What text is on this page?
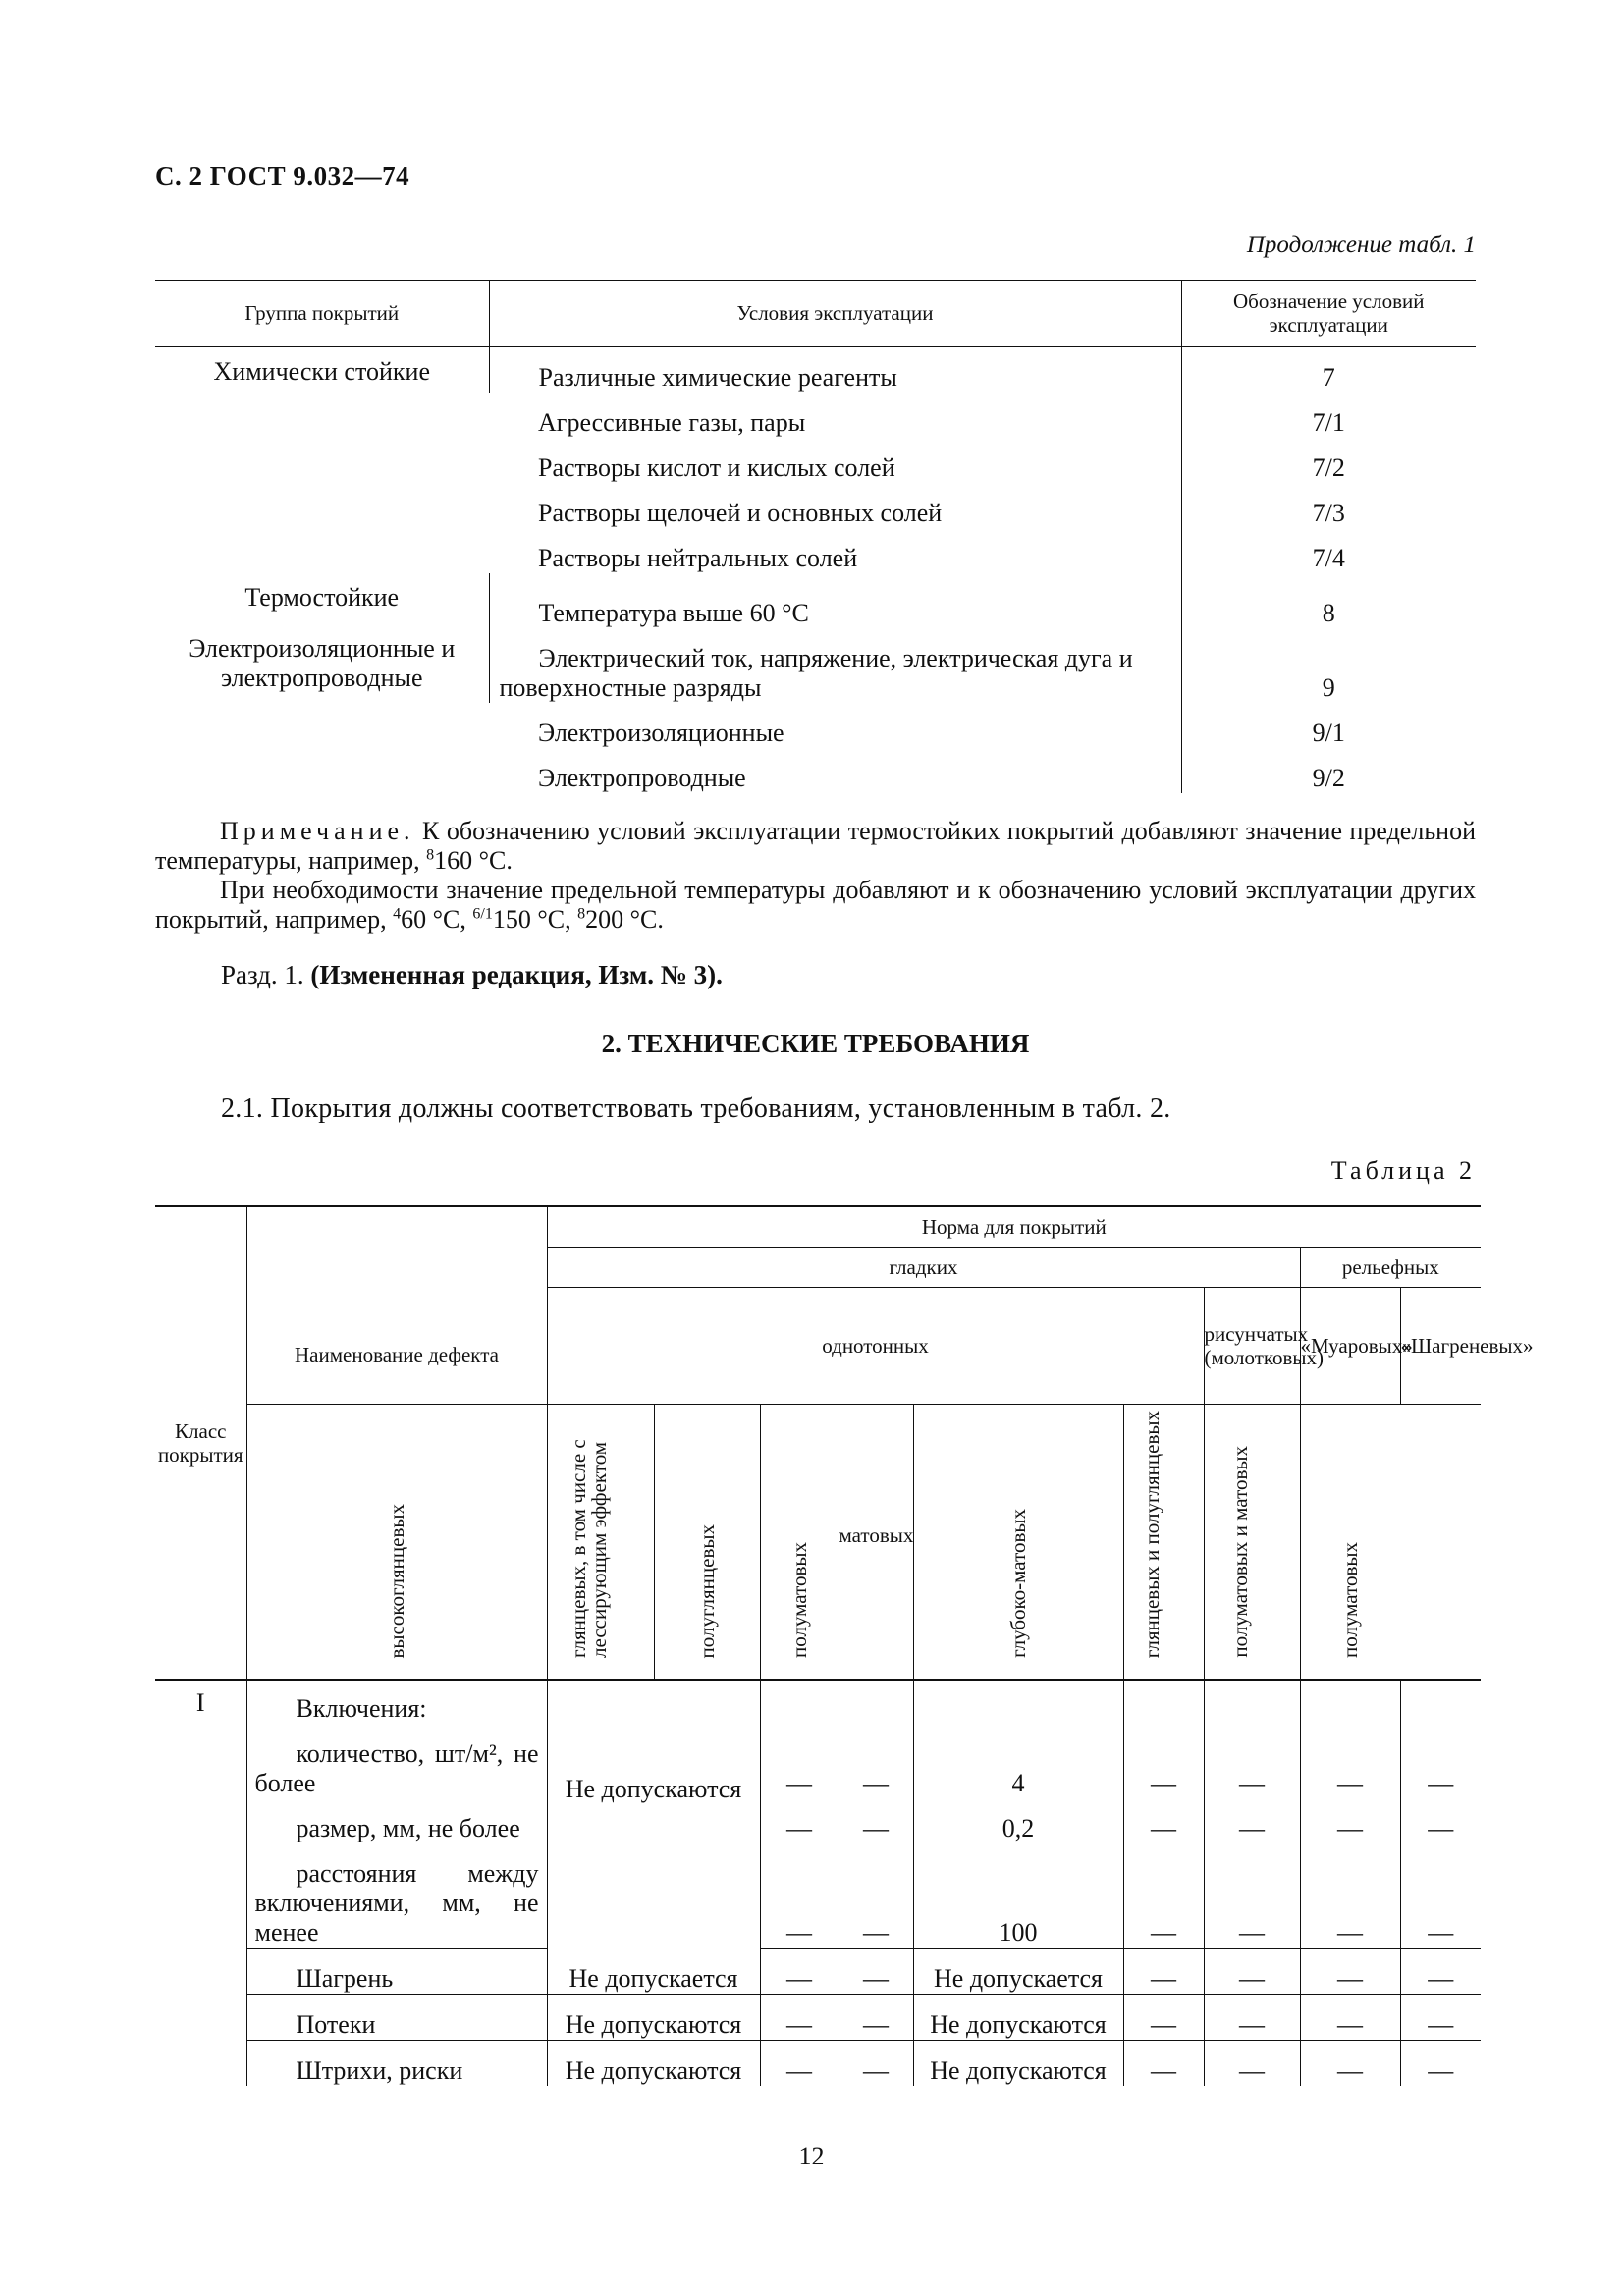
С. 2 ГОСТ 9.032—74
Продолжение табл. 1
Группа покрытий	Условия эксплуатации	Обозначение условий эксплуатации
Химически стойкие	Различные химические реагенты	7
	Агрессивные газы, пары	7/1
	Растворы кислот и кислых солей	7/2
	Растворы щелочей и основных солей	7/3
	Растворы нейтральных солей	7/4
Термостойкие	Температура выше 60 °С	8
Электроизоляционные и электропроводные	Электрический ток, напряжение, электрическая дуга и поверхностные разряды	9
	Электроизоляционные	9/1
	Электропроводные	9/2
Примечание. К обозначению условий эксплуатации термостойких покрытий добавляют значение предельной температуры, например, $^8$160 °С.
При необходимости значение предельной температуры добавляют и к обозначению условий эксплуатации других покрытий, например, $^4$60 °С, $^{6/1}$150 °С, $^8$200 °С.
Разд. 1. (Измененная редакция, Изм. № 3).
2. ТЕХНИЧЕСКИЕ ТРЕБОВАНИЯ
2.1. Покрытия должны соответствовать требованиям, установленным в табл. 2.
Таблица 2
Класс покрытия	Наименование дефекта	Норма для покрытий								
		гладких							рельефных	
		однотонных						рисунчатых (молотковых)	«Муаровых»	«Шагреневых»
	высокоглянцевых	глянцевых, в том числе с лессирующим эффектом	полуглянцевых	полуматовых	матовых	глубоко-матовых	глянцевых и полуглянцевых	полуматовых и матовых	полуматовых	
I	Включения:	Не допускаются								
	количество, шт/м², не более			—	—	4	—	—	—	—
	размер, мм, не более			—	—	0,2	—	—	—	—
	расстояния между включениями, мм, не менее			—	—	100	—	—	—	—
	Шагрень	Не допускается		—	—	Не допускается	—	—	—	—
	Потеки	Не допускаются		—	—	Не допускаются	—	—	—	—
	Штрихи, риски	Не допускаются		—	—	Не допускаются	—	—	—	—
12
